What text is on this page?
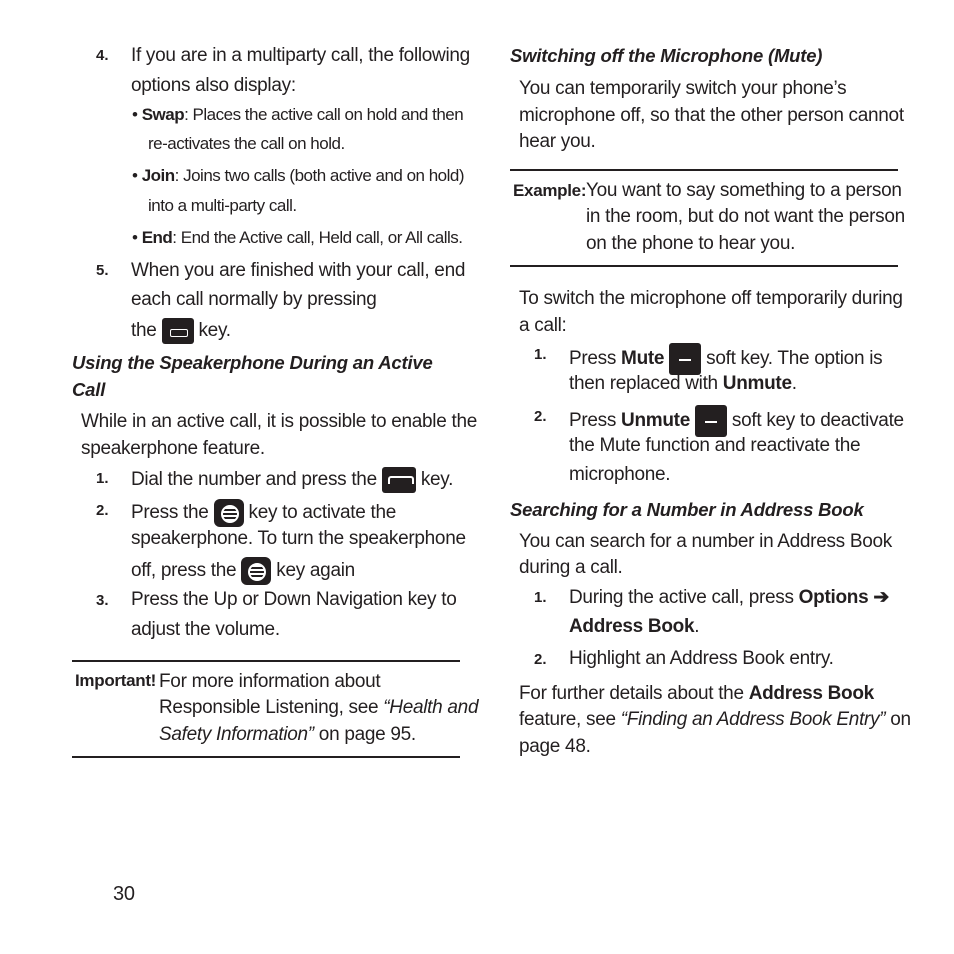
4. If you are in a multiparty call, the following
options also display:
• Swap: Places the active call on hold and then
re-activates the call on hold.
• Join: Joins two calls (both active and on hold)
into a multi-party call.
• End: End the Active call, Held call, or All calls.
5. When you are finished with your call, end
each call normally by pressing
the key.
Using the Speakerphone During an Active
Call
While in an active call, it is possible to enable the
speakerphone feature.
1. Dial the number and press the key.
2. Press the key to activate the
speakerphone. To turn the speakerphone
off, press the key again
3. Press the Up or Down Navigation key to
adjust the volume.
Important! For more information about
Responsible Listening, see “Health and
Safety Information” on page 95.
30
Switching off the Microphone (Mute)
You can temporarily switch your phone’s
microphone off, so that the other person cannot
hear you.
Example: You want to say something to a person
in the room, but do not want the person
on the phone to hear you.
To switch the microphone off temporarily during
a call:
1. Press Mute  soft key. The option is
then replaced with Unmute.
2. Press Unmute  soft key to deactivate
the Mute function and reactivate the
microphone.
Searching for a Number in Address Book
You can search for a number in Address Book
during a call.
1. During the active call, press Options ➔
Address Book.
2. Highlight an Address Book entry.
For further details about the Address Book
feature, see “Finding an Address Book Entry” on
page 48.
